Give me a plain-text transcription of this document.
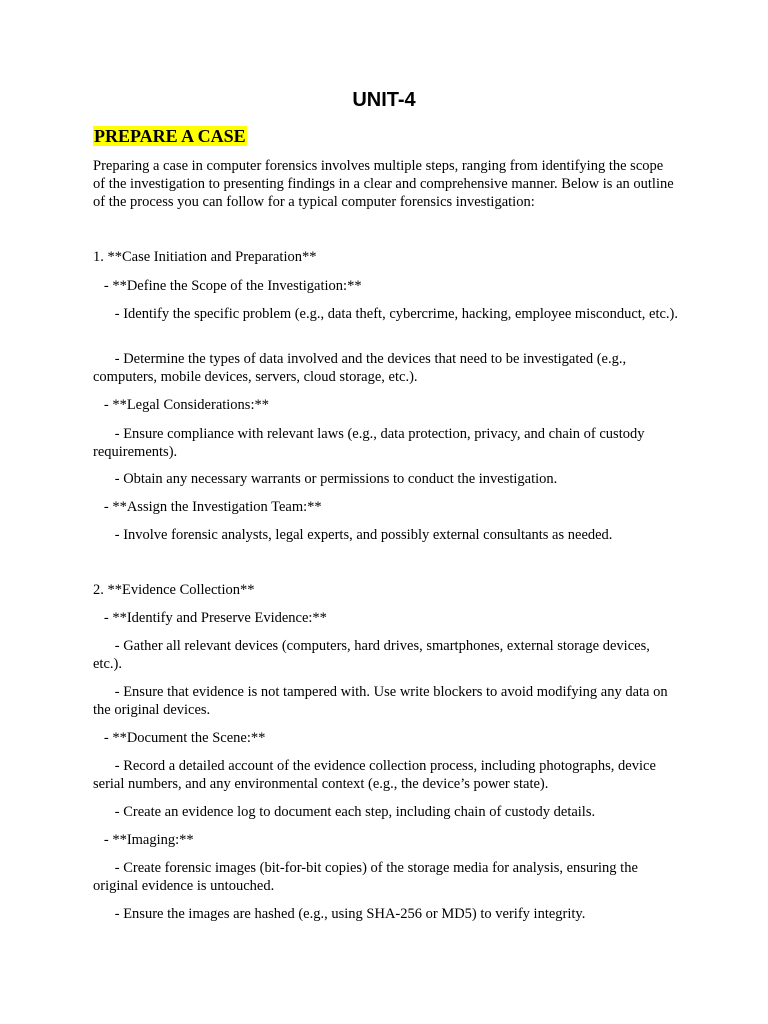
UNIT-4
PREPARE A CASE

Preparing a case in computer forensics involves multiple steps, ranging from identifying the scope of the investigation to presenting findings in a clear and comprehensive manner. Below is an outline of the process you can follow for a typical computer forensics investigation:

1. **Case Initiation and Preparation**

- **Define the Scope of the Investigation:**

- Identify the specific problem (e.g., data theft, cybercrime, hacking, employee misconduct, etc.).

- Determine the types of data involved and the devices that need to be investigated (e.g., computers, mobile devices, servers, cloud storage, etc.).

- **Legal Considerations:**

- Ensure compliance with relevant laws (e.g., data protection, privacy, and chain of custody requirements).

- Obtain any necessary warrants or permissions to conduct the investigation.

- **Assign the Investigation Team:**

- Involve forensic analysts, legal experts, and possibly external consultants as needed.

2. **Evidence Collection**

- **Identify and Preserve Evidence:**

- Gather all relevant devices (computers, hard drives, smartphones, external storage devices, etc.).

- Ensure that evidence is not tampered with. Use write blockers to avoid modifying any data on the original devices.

- **Document the Scene:**

- Record a detailed account of the evidence collection process, including photographs, device serial numbers, and any environmental context (e.g., the device’s power state).

- Create an evidence log to document each step, including chain of custody details.

- **Imaging:**

- Create forensic images (bit-for-bit copies) of the storage media for analysis, ensuring the original evidence is untouched.

- Ensure the images are hashed (e.g., using SHA-256 or MD5) to verify integrity.
